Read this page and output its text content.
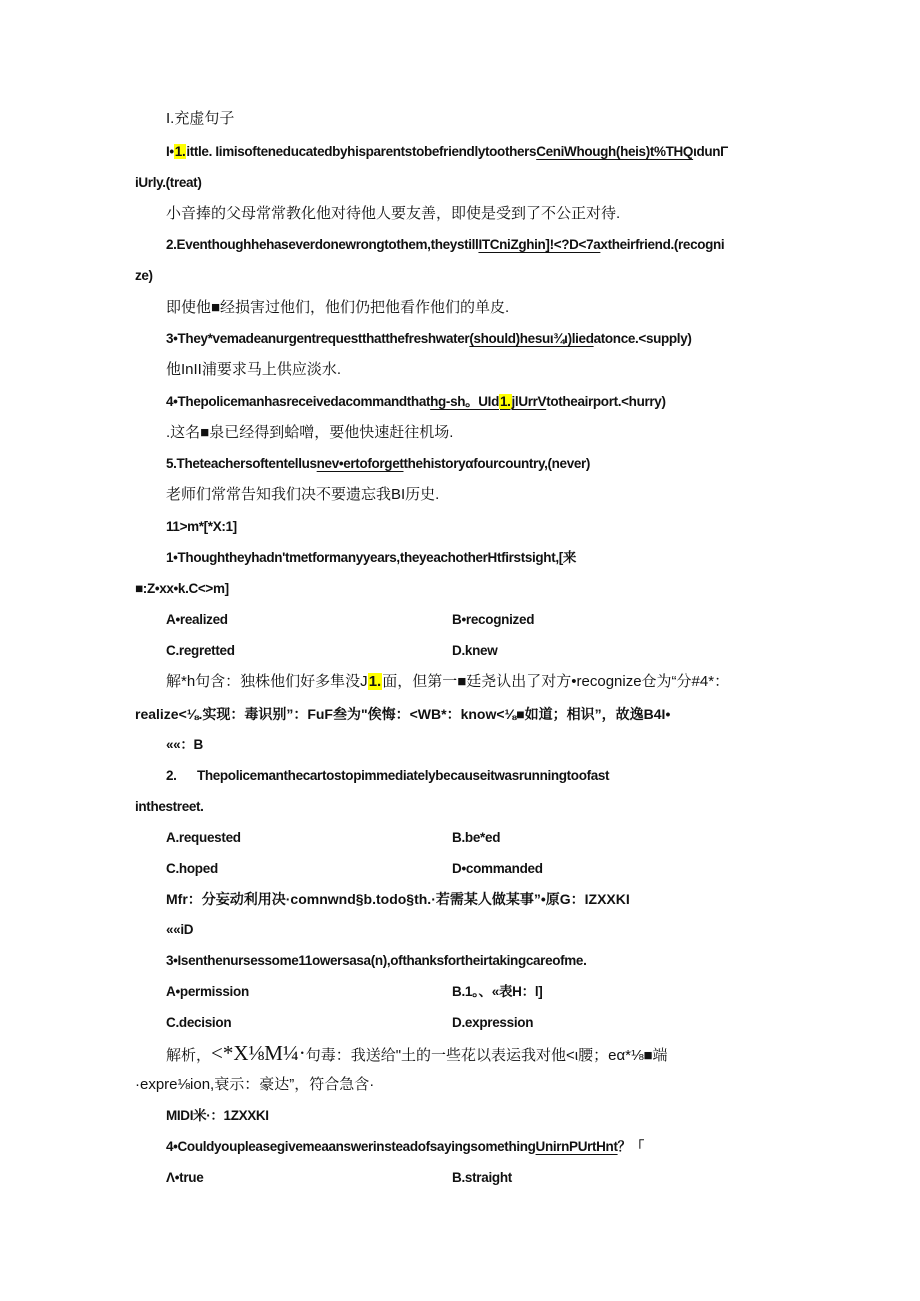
I.充虚句子
I•1.ittle. IimisofteneducatedbyhisparentstobefriendlytoothersCeniWhough(heis)t%THQιdunΓ
iUrly.(treat)
小音捧的父母常常教化他对待他人要友善，即使是受到了不公正对待.
2.Eventhoughhehaseverdonewrongtothem,theystillITCniZghin]!<?D<7axtheirfriend.(recogni
ze)
即使他■经损害过他们，他们仍把他看作他们的单皮.
3•They*vemadeanurgentrequestthatthefreshwater(should)hesuι¾ι)liedatonce.<supply)
他InII浦要求马上供应淡水.
4•Thepolicemanhasreceivedacommandthathg-sh。UId1.jlUrrVtotheairport.<hurry)
.这名■泉已经得到蛤噌，要他快速赶往机场.
5.Theteachersoftentellusnev•ertoforgetthehistoryαfourcountry,(never)
老师们常常告知我们决不要遗忘我BI历史.
11>m*[*X:1]
1•Thoughtheyhadn'tmetformanyyears,theyeachotherHtfirstsight,[来
■:Z•xx•k.C<>m]
A•realized	B•recognized
C.regretted	D.knew
解*h句含：独株他们好多隼没J1.面，但第一■廷尧认出了对方•recognize仓为“分#4*：
realize<⅛.实现：毒识别”：FuF叁为"俟悔：<WB*：know<⅛■如道；相识”，故逸B4I•
««：B
2.      Thepolicemanthecartostopimmediatelybecauseitwasrunningtoofast
inthestreet.
A.requested	B.be*ed
C.hoped	D•commanded
Mfr：分妄动利用决·comnwnd§b.todo§th.·若需某人做某事”•原G：IZXXKI
««iD
3•Isenthenursessome11owersasa(n),ofthanksfortheirtakingcareofme.
A•permission	B.1。、«表H：l]
C.decision	D.expression
解析，<*X⅛M¼·句毒：我送给"土的一些花以表运我对他<ι腰；eα*⅛■端
·expre⅛ion,衰示：豪达”，符合急含·
MIDI米·：1ZXXKI
4•CouldyoupleasegivemeaanswerinsteadofsayingsomethingUnirnPUrtHnt？「
Λ•true	B.straight
